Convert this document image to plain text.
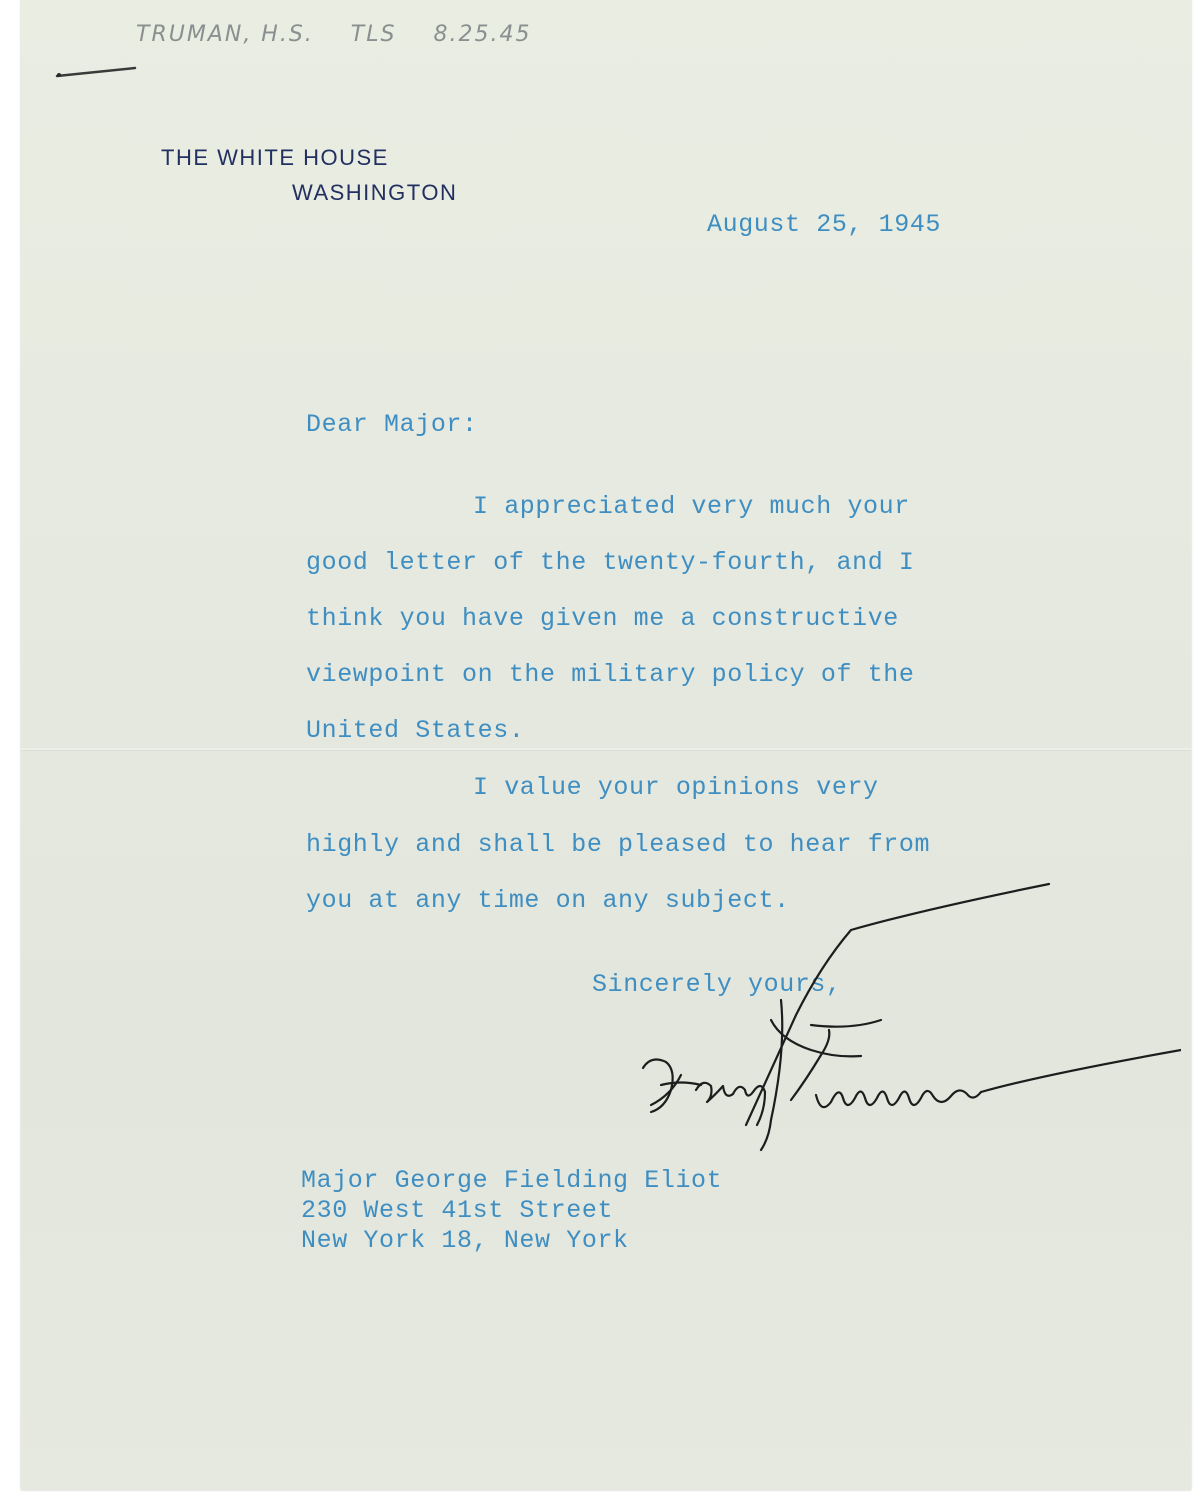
TRUMAN, H.S. TLS 8.25.45
THE WHITE HOUSE
WASHINGTON
August 25, 1945
Dear Major:
I appreciated very much your
good letter of the twenty-fourth, and I
think you have given me a constructive
viewpoint on the military policy of the
United States.
I value your opinions very
highly and shall be pleased to hear from
you at any time on any subject.
Sincerely yours,
Major George Fielding Eliot
230 West 41st Street
New York 18, New York
